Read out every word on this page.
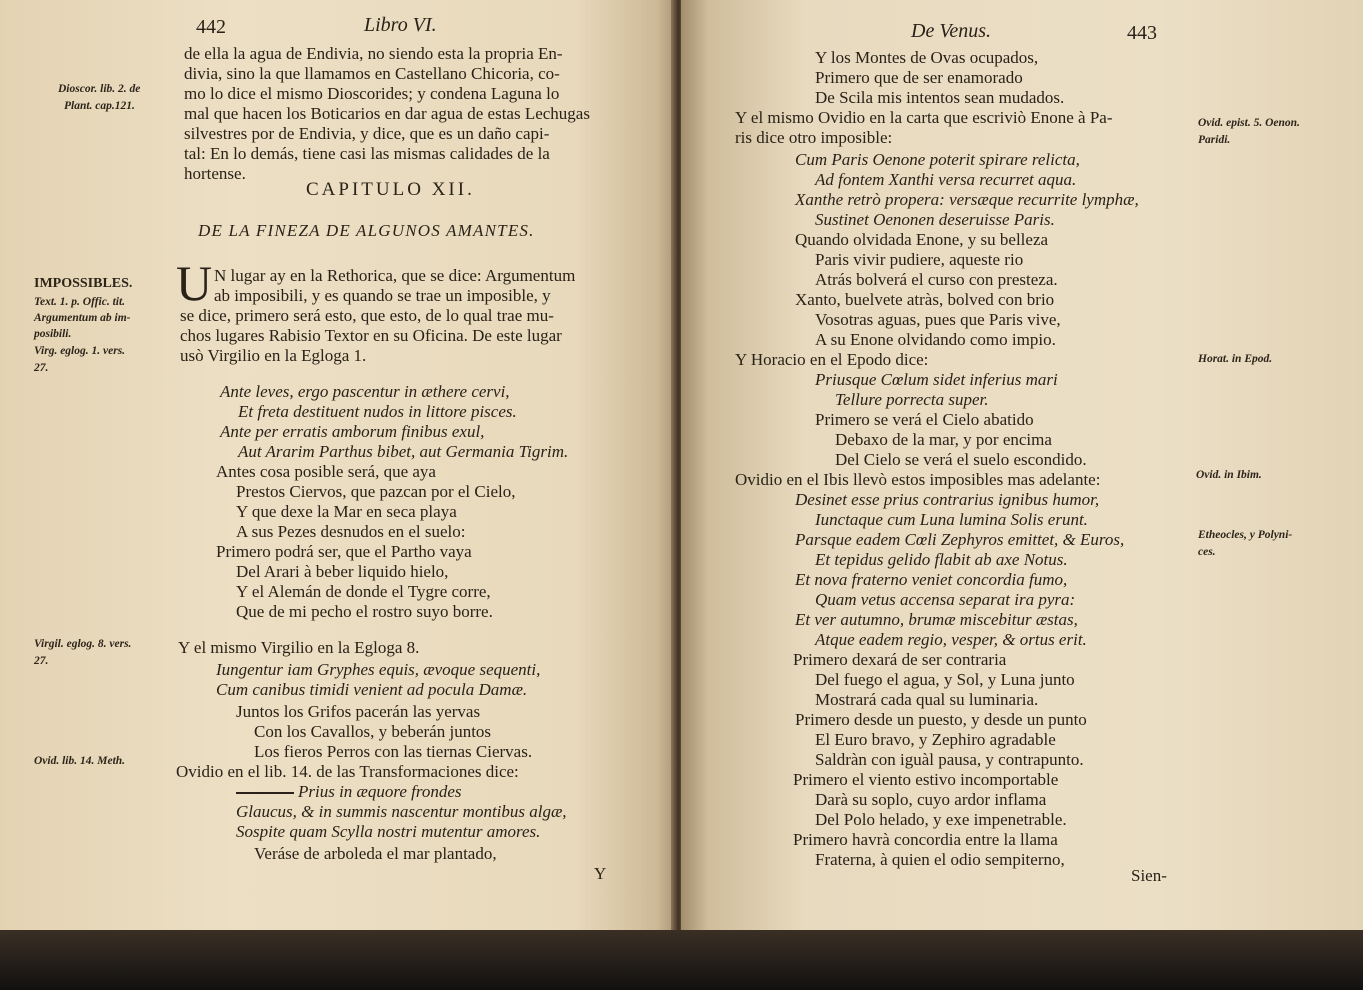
442	Libro VI.
Dioscor. lib. 2. de
Plant. cap.121.
IMPOSSIBLES.
Text. 1. p. Offic. tit.
Argumentum ab im-
posibili.
Virg. eglog. 1. vers.
27.
Virgil. eglog. 8. vers.
27.
Ovid. lib. 14. Meth.
de ella la agua de Endivia, no siendo esta la propria En-
divia, sino la que llamamos en Castellano Chicoria, co-
mo lo dice el mismo Dioscorides; y condena Laguna lo
mal que hacen los Boticarios en dar agua de estas Lechugas
silvestres por de Endivia, y dice, que es un daño capi-
tal: En lo demás, tiene casi las mismas calidades de la
hortense.
CAPITULO XII.
DE LA FINEZA DE ALGUNOS AMANTES.
U N lugar ay en la Rethorica, que se dice: Argumentum
ab imposibili, y es quando se trae un imposible, y
se dice, primero será esto, que esto, de lo qual trae mu-
chos lugares Rabisio Textor en su Oficina. De este lugar
usò Virgilio en la Egloga 1.
Ante leves, ergo pascentur in æthere cervi,
Et freta destituent nudos in littore pisces.
Ante per erratis amborum finibus exul,
Aut Ararim Parthus bibet, aut Germania Tigrim.
Antes cosa posible será, que aya
Prestos Ciervos, que pazcan por el Cielo,
Y que dexe la Mar en seca playa
A sus Pezes desnudos en el suelo:
Primero podrá ser, que el Partho vaya
Del Arari à beber liquido hielo,
Y el Alemán de donde el Tygre corre,
Que de mi pecho el rostro suyo borre.
Y el mismo Virgilio en la Egloga 8.
Iungentur iam Gryphes equis, ævoque sequenti,
Cum canibus timidi venient ad pocula Damæ.
Juntos los Grifos pacerán las yervas
Con los Cavallos, y beberán juntos
Los fieros Perros con las tiernas Ciervas.
Ovidio en el lib. 14. de las Transformaciones dice:
Prius in æquore frondes
Glaucus, & in summis nascentur montibus algæ,
Sospite quam Scylla nostri mutentur amores.
Veráse de arboleda el mar plantado,
Y
De Venus.	443
Ovid. epist. 5. Oenon.
Paridi.
Horat. in Epod.
Ovid. in Ibim.
Etheocles, y Polyni-
ces.
Y los Montes de Ovas ocupados,
Primero que de ser enamorado
De Scila mis intentos sean mudados.
Y el mismo Ovidio en la carta que escriviò Enone à Pa-
ris dice otro imposible:
Cum Paris Oenone poterit spirare relicta,
Ad fontem Xanthi versa recurret aqua.
Xanthe retrò propera: versæque recurrite lymphæ,
Sustinet Oenonen deseruisse Paris.
Quando olvidada Enone, y su belleza
Paris vivir pudiere, aqueste rio
Atrás bolverá el curso con presteza.
Xanto, buelvete atràs, bolved con brio
Vosotras aguas, pues que Paris vive,
A su Enone olvidando como impio.
Y Horacio en el Epodo dice:
Priusque Cœlum sidet inferius mari
Tellure porrecta super.
Primero se verá el Cielo abatido
Debaxo de la mar, y por encima
Del Cielo se verá el suelo escondido.
Ovidio en el Ibis llevò estos imposibles mas adelante:
Desinet esse prius contrarius ignibus humor,
Iunctaque cum Luna lumina Solis erunt.
Parsque eadem Cœli Zephyros emittet, & Euros,
Et tepidus gelido flabit ab axe Notus.
Et nova fraterno veniet concordia fumo,
Quam vetus accensa separat ira pyra:
Et ver autumno, brumæ miscebitur æstas,
Atque eadem regio, vesper, & ortus erit.
Primero dexará de ser contraria
Del fuego el agua, y Sol, y Luna junto
Mostrará cada qual su luminaria.
Primero desde un puesto, y desde un punto
El Euro bravo, y Zephiro agradable
Saldràn con iguàl pausa, y contrapunto.
Primero el viento estivo incomportable
Darà su soplo, cuyo ardor inflama
Del Polo helado, y exe impenetrable.
Primero havrà concordia entre la llama
Fraterna, à quien el odio sempiterno,
Sien-
